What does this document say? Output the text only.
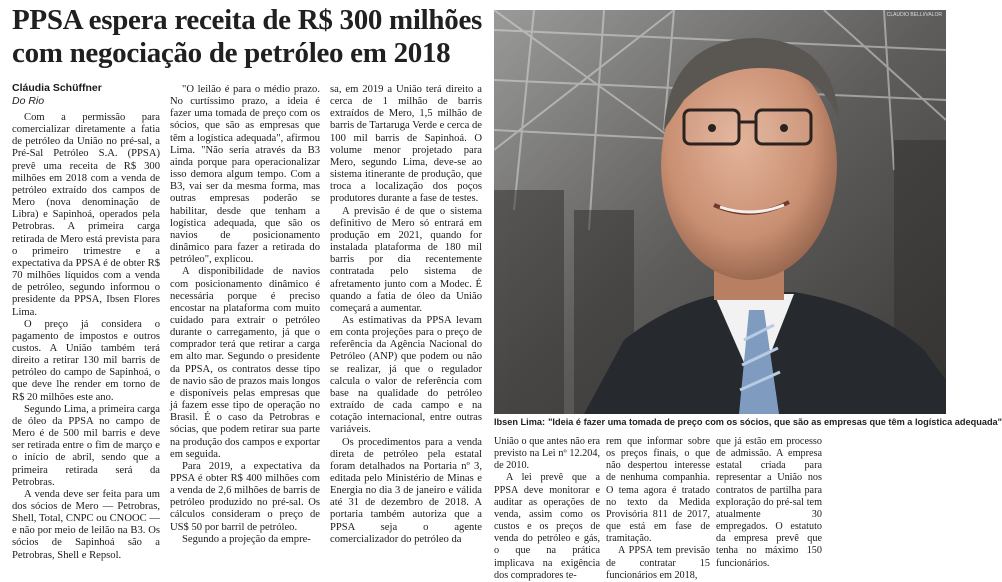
PPSA espera receita de R$ 300 milhões com negociação de petróleo em 2018
Cláudia Schüffner
Do Rio

Com a permissão para comercializar diretamente a fatia de petróleo da União no pré-sal, a Pré-Sal Petróleo S.A. (PPSA) prevê uma receita de R$ 300 milhões em 2018 com a venda de petróleo extraído dos campos de Mero (nova denominação de Libra) e Sapinhoá, operados pela Petrobras. A primeira carga retirada de Mero está prevista para o primeiro trimestre e a expectativa da PPSA é de obter R$ 70 milhões líquidos com a venda de petróleo, segundo informou o presidente da PPSA, Ibsen Flores Lima.

O preço já considera o pagamento de impostos e outros custos. A União também terá direito a retirar 130 mil barris de petróleo do campo de Sapinhoá, o que deve lhe render em torno de R$ 20 milhões este ano.

Segundo Lima, a primeira carga de óleo da PPSA no campo de Mero é de 500 mil barris e deve ser retirada entre o fim de março e o início de abril, sendo que a primeira retirada será da Petrobras.

A venda deve ser feita para um dos sócios de Mero — Petrobras, Shell, Total, CNPC ou CNOOC — e não por meio de leilão na B3. Os sócios de Sapinhoá são a Petrobras, Shell e Repsol.

"O leilão é para o médio prazo. No curtíssimo prazo, a ideia é fazer uma tomada de preço com os sócios, que são as empresas que têm a logística adequada", afirmou Lima. "Não seria através da B3 ainda porque para operacionalizar isso demora algum tempo. Com a B3, vai ser da mesma forma, mas outras empresas poderão se habilitar, desde que tenham a logística adequada, que são os navios de posicionamento dinâmico para fazer a retirada do petróleo", explicou.

A disponibilidade de navios com posicionamento dinâmico é necessária porque é preciso encostar na plataforma com muito cuidado para extrair o petróleo durante o carregamento, já que o comprador terá que retirar a carga em alto mar. Segundo o presidente da PPSA, os contratos desse tipo de navio são de prazos mais longos e disponíveis pelas empresas que já fazem esse tipo de operação no Brasil. É o caso da Petrobras e sócias, que podem retirar sua parte na produção dos campos e exportar em seguida.

Para 2019, a expectativa da PPSA é obter R$ 400 milhões com a venda de 2,6 milhões de barris de petróleo produzido no pré-sal. Os cálculos consideram o preço de US$ 50 por barril de petróleo.

Segundo a projeção da empre-

sa, em 2019 a União terá direito a cerca de 1 milhão de barris extraídos de Mero, 1,5 milhão de barris de Tartaruga Verde e cerca de 100 mil barris de Sapinhoá. O volume menor projetado para Mero, segundo Lima, deve-se ao sistema itinerante de produção, que troca a localização dos poços produtores durante a fase de testes.

A previsão é de que o sistema definitivo de Mero só entrará em produção em 2021, quando for instalada plataforma de 180 mil barris por dia recentemente contratada pelo sistema de afretamento junto com a Modec. É quando a fatia de óleo da União começará a aumentar.

As estimativas da PPSA levam em conta projeções para o preço de referência da Agência Nacional do Petróleo (ANP) que podem ou não se realizar, já que o regulador calcula o valor de referência com base na qualidade do petróleo extraído de cada campo e na cotação internacional, entre outras variáveis.

Os procedimentos para a venda direta de petróleo pela estatal foram detalhados na Portaria nº 3, editada pelo Ministério de Minas e Energia no dia 3 de janeiro e válida até 31 de dezembro de 2018. A portaria também autoriza que a PPSA seja o agente comercializador do petróleo da

CLAUDIO BELLI/VALOR
Ibsen Lima: "Ideia é fazer uma tomada de preço com os sócios, que são as empresas que têm a logística adequada"

União o que antes não era previsto na Lei nº 12.204, de 2010.

A lei prevê que a PPSA deve monitorar e auditar as operações de venda, assim como os custos e os preços de venda do petróleo e gás, o que na prática implicava na exigência dos compradores te-

rem que informar sobre os preços finais, o que não despertou interesse de nenhuma companhia. O tema agora é tratado no texto da Medida Provisória 811 de 2017, que está em fase de tramitação.

A PPSA tem previsão de contratar 15 funcionários em 2018,

que já estão em processo de admissão. A empresa estatal criada para representar a União nos contratos de partilha para exploração do pré-sal tem atualmente 30 empregados. O estatuto da empresa prevê que tenha no máximo 150 funcionários.
